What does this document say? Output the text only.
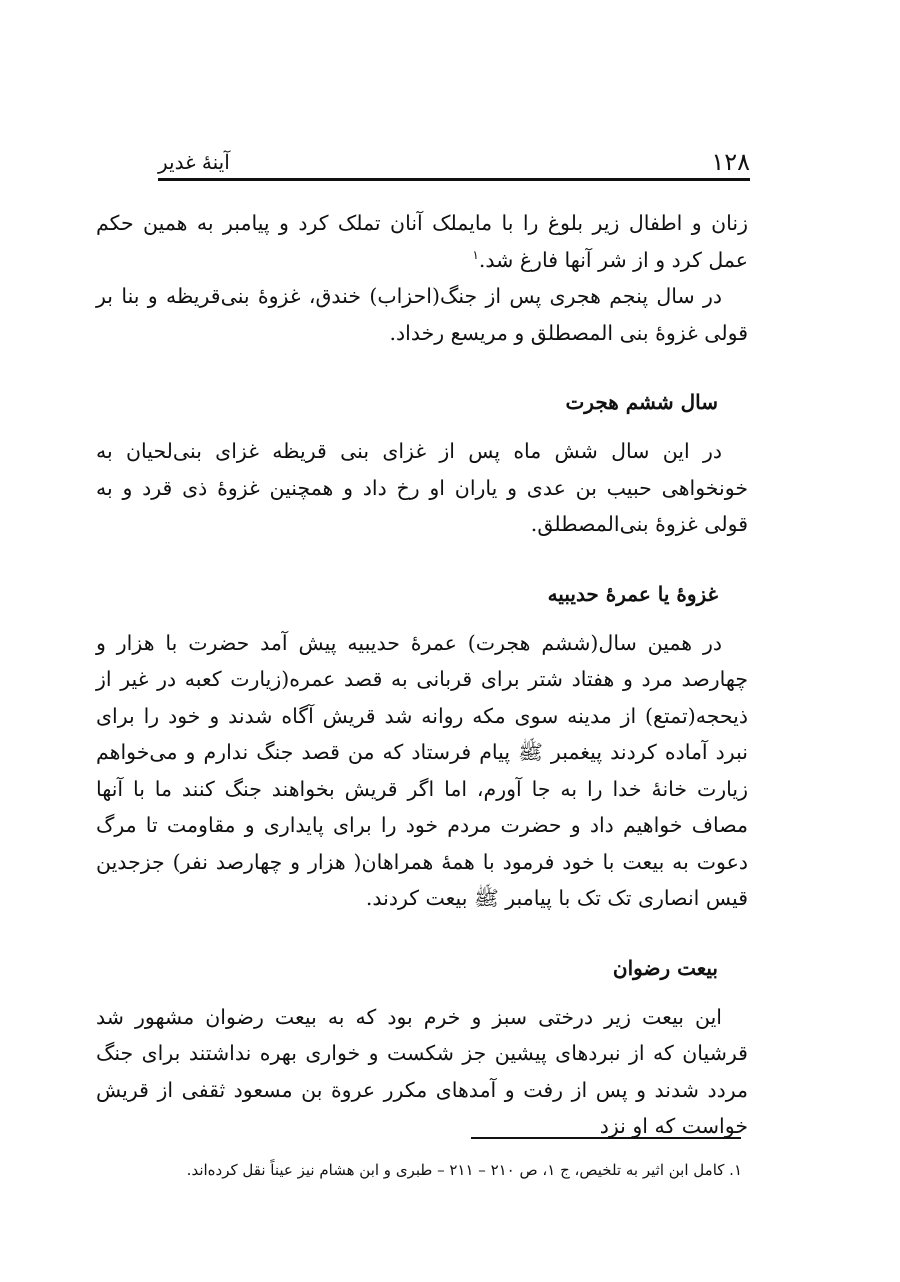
۱۲۸
آینهٔ غدیر

زنان و اطفال زیر بلوغ را با مایملک آنان تملک کرد و پیامبر به همین حکم عمل کرد و از شر آنها فارغ شد.$^۱$

در سال پنجم هجری پس از جنگ(احزاب) خندق، غزوهٔ بنی‌قریظه و بنا بر قولی غزوهٔ بنی المصطلق و مریسع رخداد.

سال ششم هجرت

در این سال شش ماه پس از غزای بنی قریظه غزای بنی‌لحیان به خونخواهی حبیب بن عدی و یاران او رخ داد و همچنین غزوهٔ ذی قرد و به قولی غزوهٔ بنی‌المصطلق.

غزوهٔ یا عمرهٔ حدیبیه

در همین سال(ششم هجرت) عمرهٔ حدیبیه پیش آمد حضرت با هزار و چهارصد مرد و هفتاد شتر برای قربانی به قصد عمره(زیارت کعبه در غیر از ذیحجه(تمتع) از مدینه سوی مکه روانه شد قریش آگاه شدند و خود را برای نبرد آماده کردند پیغمبر ﷺ پیام فرستاد که من قصد جنگ ندارم و می‌خواهم زیارت خانهٔ خدا را به جا آورم، اما اگر قریش بخواهند جنگ کنند ما با آنها مصاف خواهیم داد و حضرت مردم خود را برای پایداری و مقاومت تا مرگ دعوت به بیعت با خود فرمود با همهٔ همراهان( هزار و چهارصد نفر) جزجدین قیس انصاری تک تک با پیامبر ﷺ بیعت کردند.

بیعت رضوان

این بیعت زیر درختی سبز و خرم بود که به بیعت رضوان مشهور شد قرشیان که از نبردهای پیشین جز شکست و خواری بهره نداشتند برای جنگ مردد شدند و پس از رفت و آمدهای مکرر عروة بن مسعود ثقفی از قریش خواست که او نزد

۱. کامل ابن اثیر به تلخیص، ج ۱، ص ۲۱۰ – ۲۱۱ – طبری و ابن هشام نیز عیناً نقل کرده‌اند.
